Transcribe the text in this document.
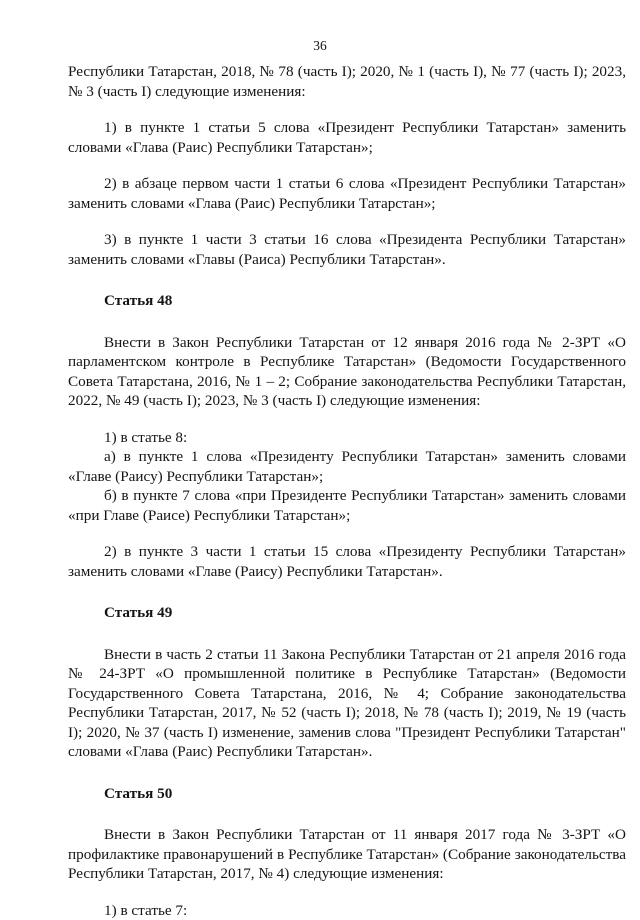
36

Республики Татарстан, 2018, № 78 (часть I); 2020, № 1 (часть I), № 77 (часть I); 2023, № 3 (часть I) следующие изменения:

1) в пункте 1 статьи 5 слова «Президент Республики Татарстан» заменить словами «Глава (Раис) Республики Татарстан»;

2) в абзаце первом части 1 статьи 6 слова «Президент Республики Татарстан» заменить словами «Глава (Раис) Республики Татарстан»;

3) в пункте 1 части 3 статьи 16 слова «Президента Республики Татарстан» заменить словами «Главы (Раиса) Республики Татарстан».

Статья 48

Внести в Закон Республики Татарстан от 12 января 2016 года № 2-ЗРТ «О парламентском контроле в Республике Татарстан» (Ведомости Государственного Совета Татарстана, 2016, № 1 – 2; Собрание законодательства Республики Татарстан, 2022, № 49 (часть I); 2023, № 3 (часть I) следующие изменения:

1) в статье 8:

а) в пункте 1 слова «Президенту Республики Татарстан» заменить словами «Главе (Раису) Республики Татарстан»;

б) в пункте 7 слова «при Президенте Республики Татарстан» заменить словами «при Главе (Раисе) Республики Татарстан»;

2) в пункте 3 части 1 статьи 15 слова «Президенту Республики Татарстан» заменить словами «Главе (Раису) Республики Татарстан».

Статья 49

Внести в часть 2 статьи 11 Закона Республики Татарстан от 21 апреля 2016 года № 24-ЗРТ «О промышленной политике в Республике Татарстан» (Ведомости Государственного Совета Татарстана, 2016, № 4; Собрание законодательства Республики Татарстан, 2017, № 52 (часть I); 2018, № 78 (часть I); 2019, № 19 (часть I); 2020, № 37 (часть I) изменение, заменив слова "Президент Республики Татарстан" словами «Глава (Раис) Республики Татарстан».

Статья 50

Внести в Закон Республики Татарстан от 11 января 2017 года № 3-ЗРТ «О профилактике правонарушений в Республике Татарстан» (Собрание законодательства Республики Татарстан, 2017, № 4) следующие изменения:

1) в статье 7:
